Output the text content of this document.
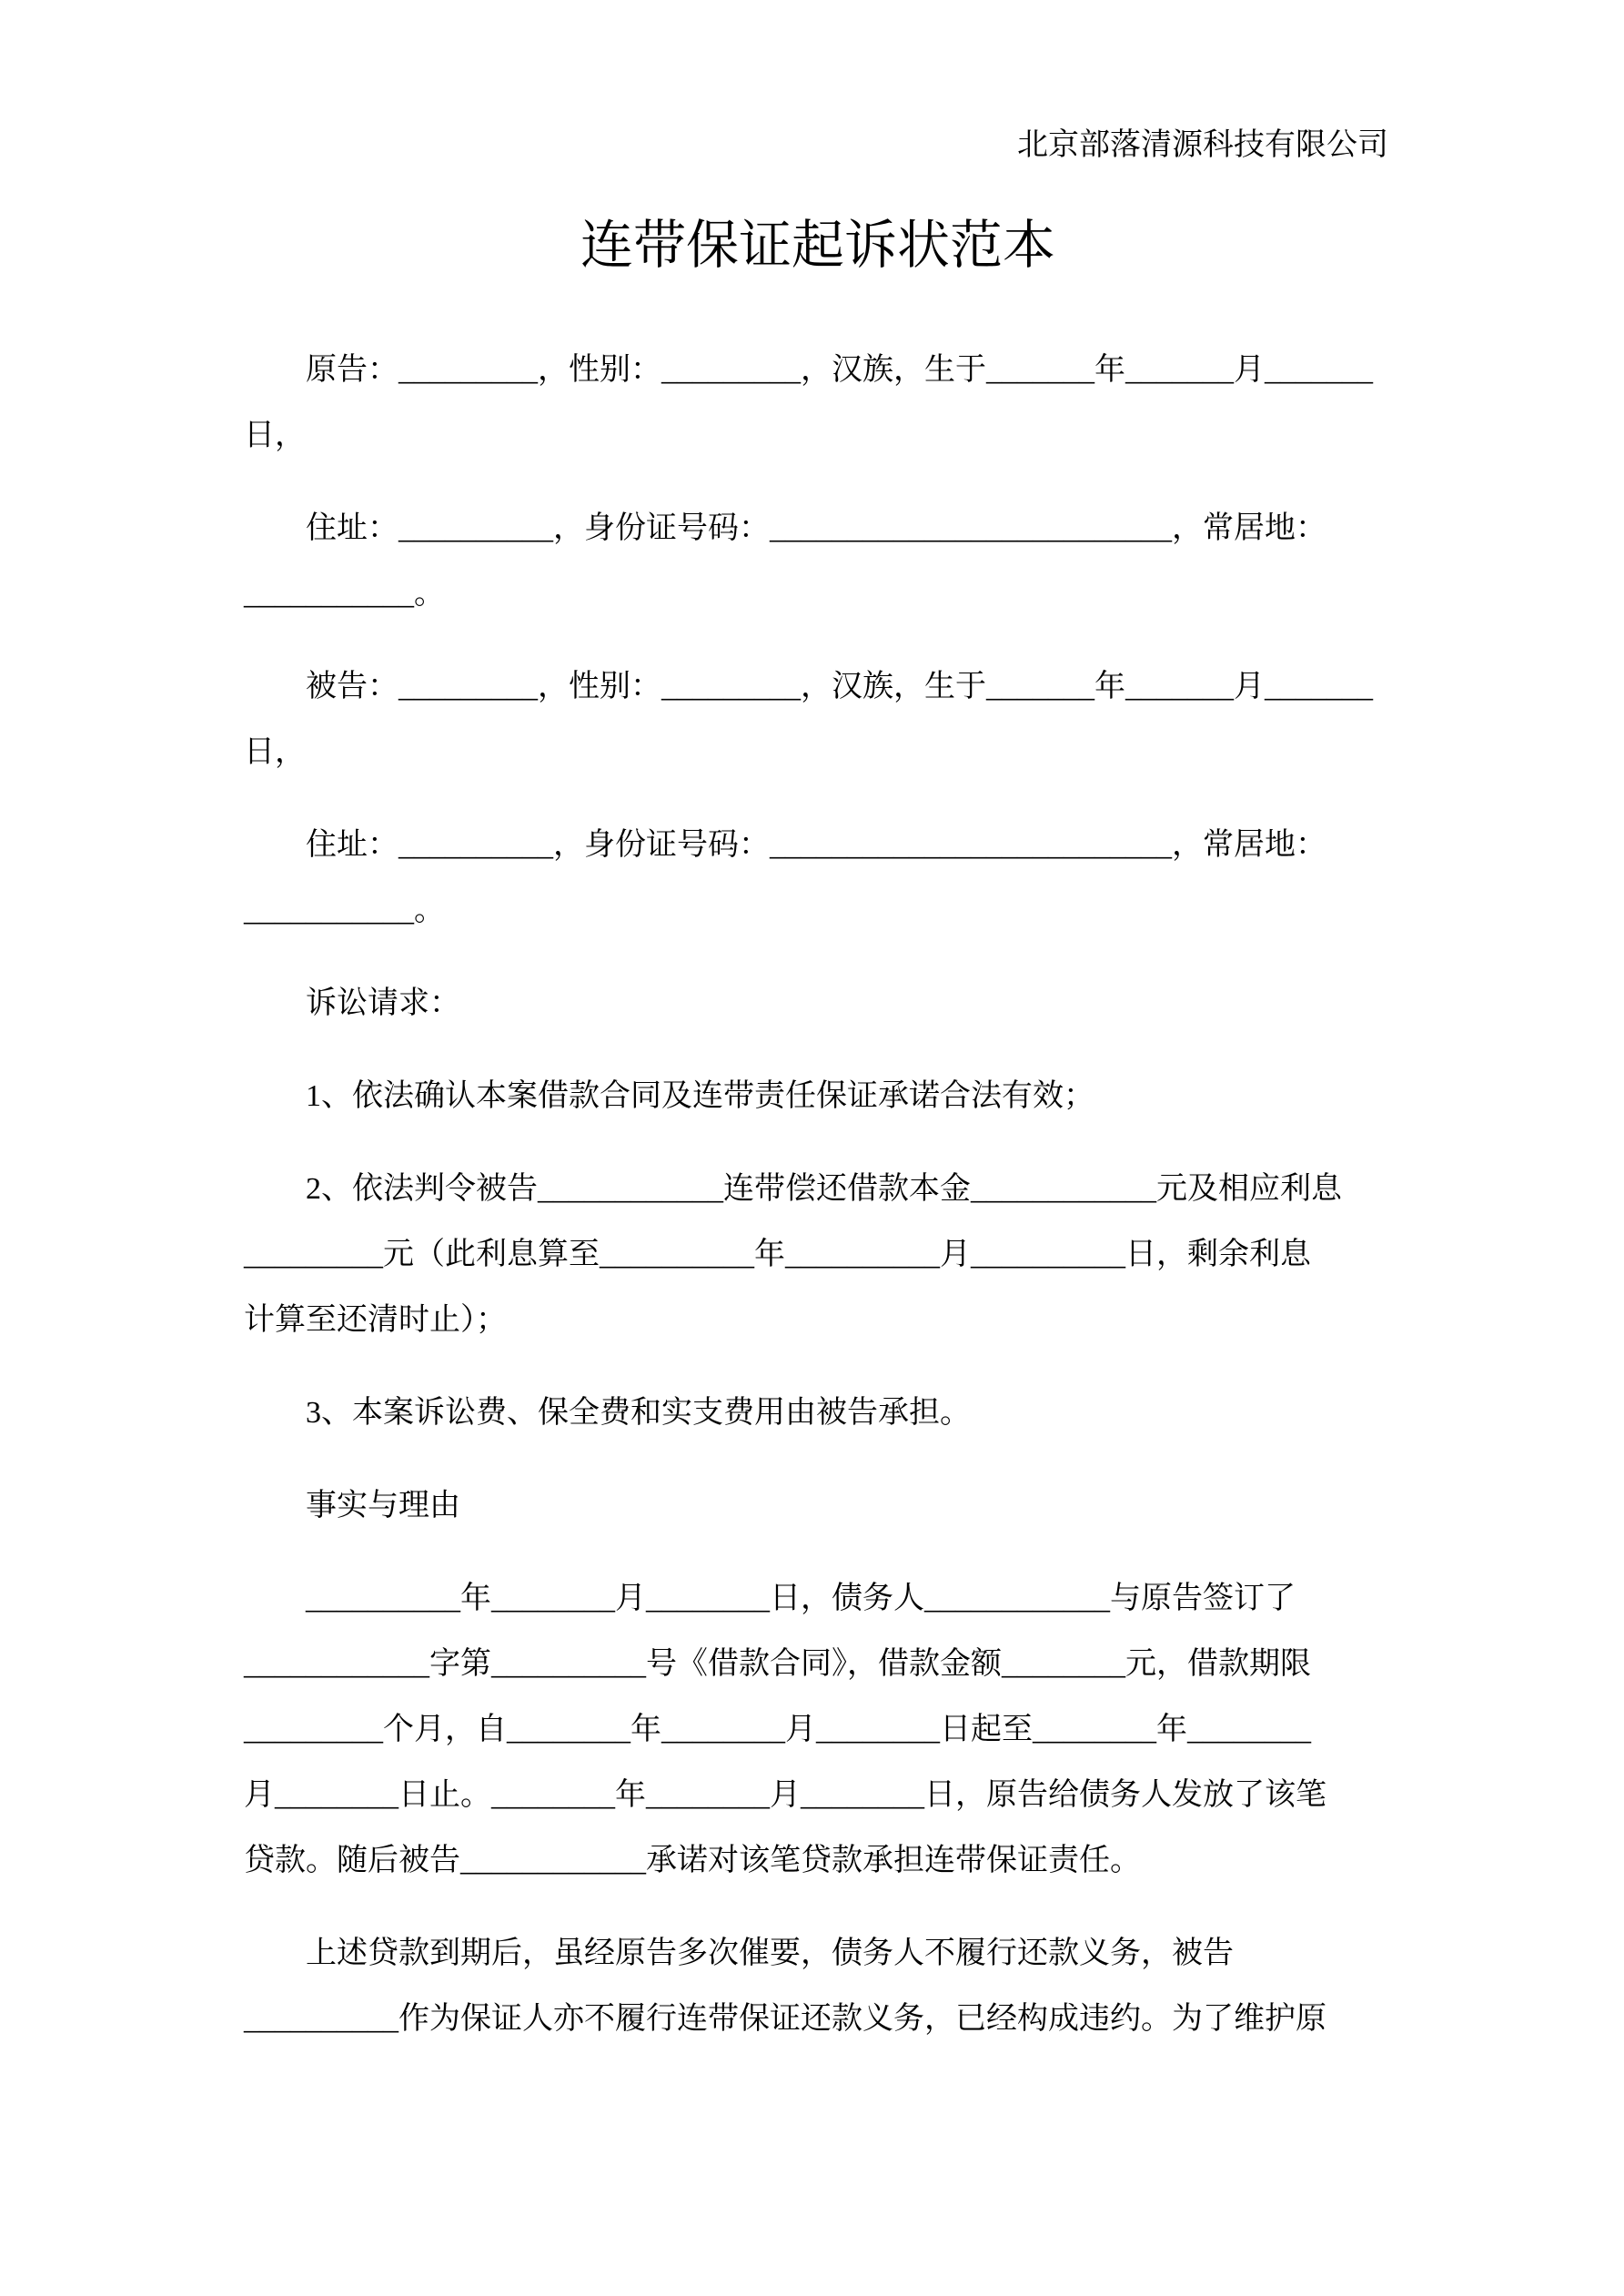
北京部落清源科技有限公司
连带保证起诉状范本
原告：_________，性别：_________，汉族，生于_______年_______月_______
日，
住址：__________，身份证号码：__________________________，常居地：
___________。
被告：_________，性别：_________，汉族，生于_______年_______月_______
日，
住址：__________，身份证号码：__________________________，常居地：
___________。
诉讼请求：
1、依法确认本案借款合同及连带责任保证承诺合法有效；
2、依法判令被告____________连带偿还借款本金____________元及相应利息
_________元（此利息算至__________年__________月__________日，剩余利息
计算至还清时止）；
3、本案诉讼费、保全费和实支费用由被告承担。
事实与理由
__________年________月________日，债务人____________与原告签订了
____________字第__________号《借款合同》，借款金额________元，借款期限
_________个月，自________年________月________日起至________年________
月________日止。________年________月________日，原告给债务人发放了该笔
贷款。随后被告____________承诺对该笔贷款承担连带保证责任。
上述贷款到期后，虽经原告多次催要，债务人不履行还款义务，被告
__________作为保证人亦不履行连带保证还款义务，已经构成违约。为了维护原
